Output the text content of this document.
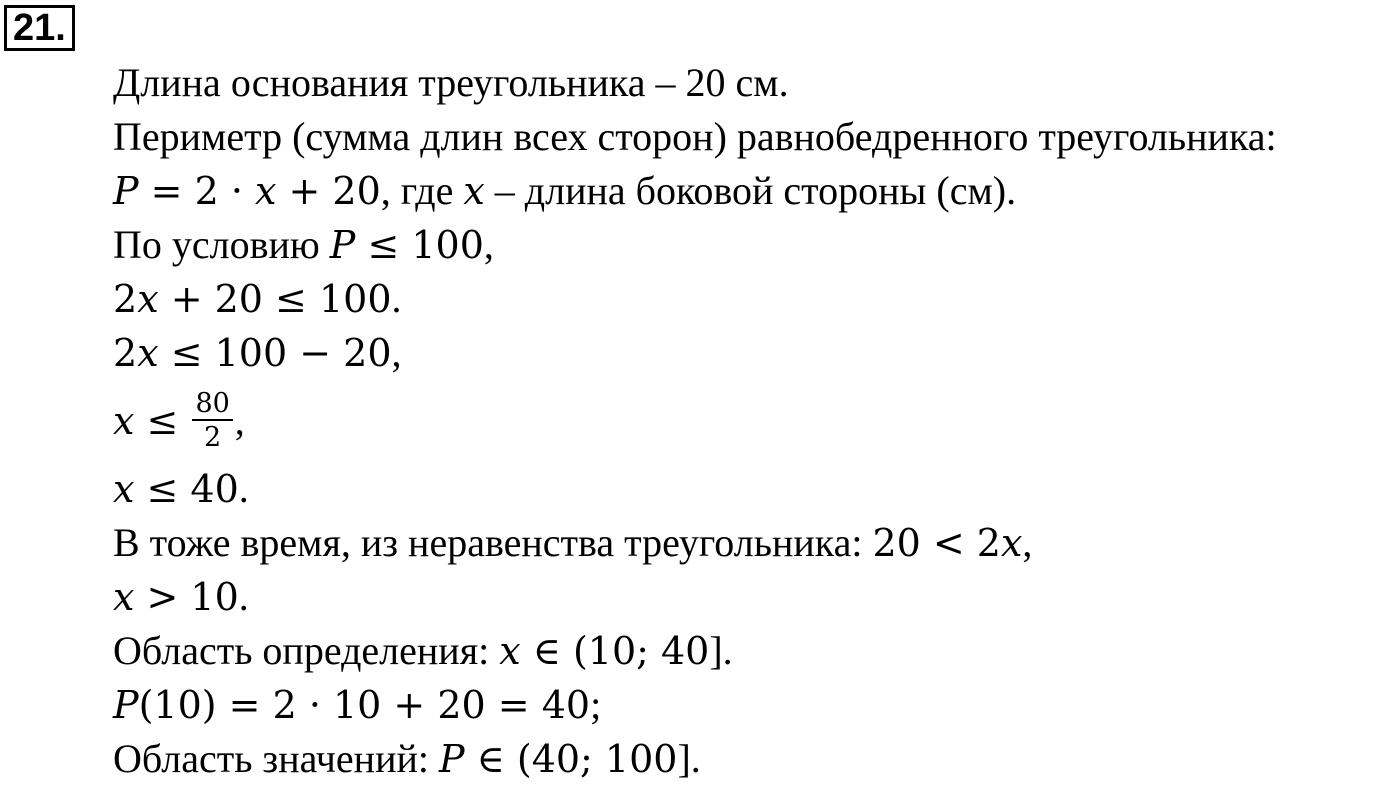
21.
Длина основания треугольника – 20 см.
Периметр (сумма длин всех сторон) равнобедренного треугольника:
P = 2 · x + 20, где x – длина боковой стороны (см).
По условию P ≤ 100,
2x + 20 ≤ 100.
2x ≤ 100 − 20,
$x \le \frac{80}{2}$ ,
x ≤ 40.
В тоже время, из неравенства треугольника: 20 < 2x,
x > 10.
Область определения: x ∈ (10; 40].
P(10) = 2 · 10 + 20 = 40;
Область значений: P ∈ (40; 100].
